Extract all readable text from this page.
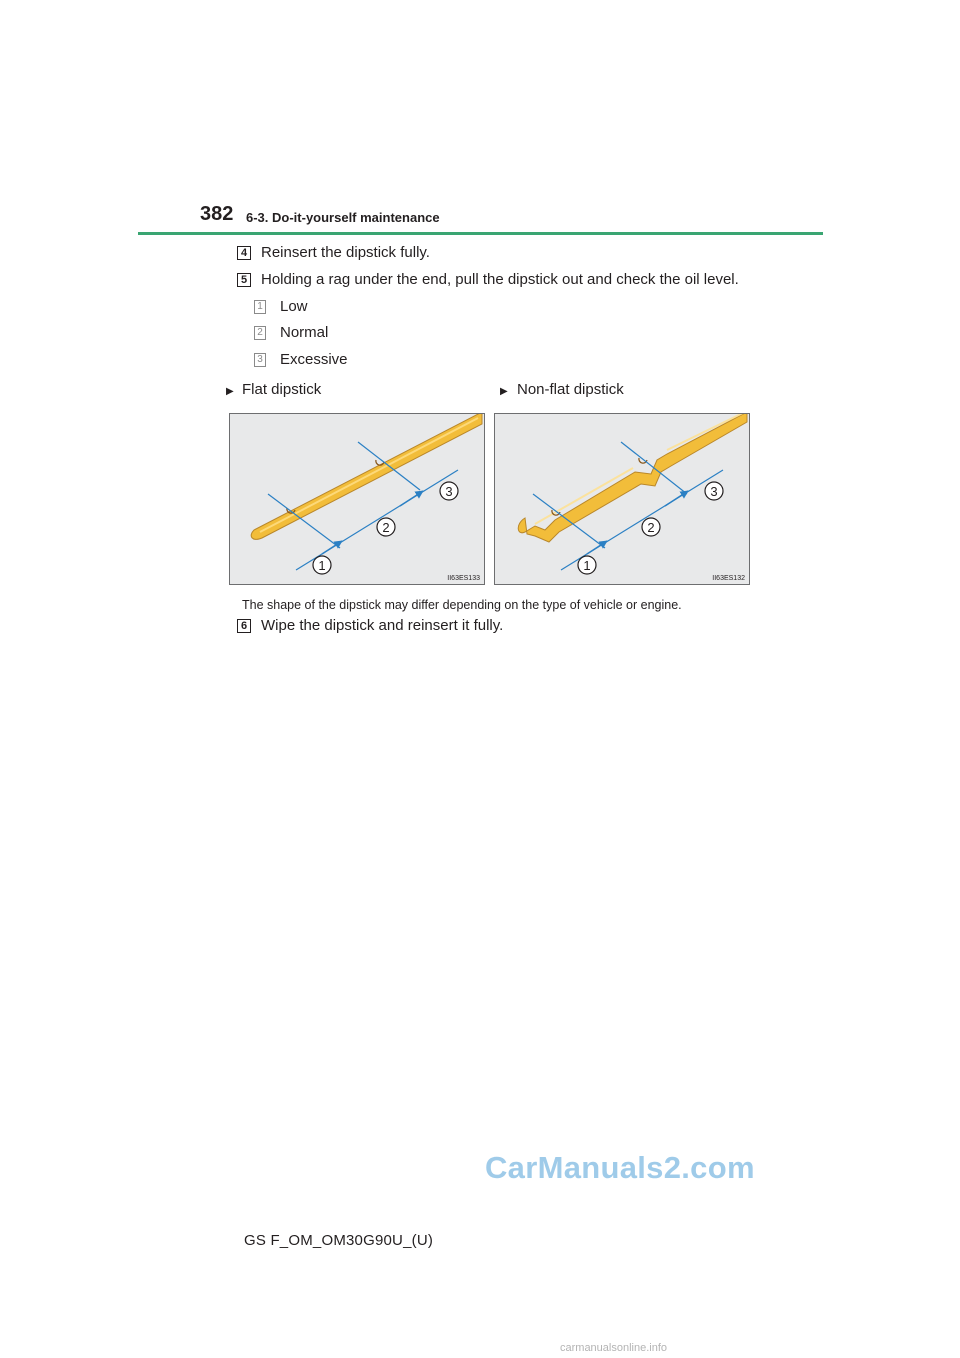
382 6-3. Do-it-yourself maintenance
4 Reinsert the dipstick fully.
5 Holding a rag under the end, pull the dipstick out and check the oil level.
1 Low
2 Normal
3 Excessive
▶ Flat dipstick	▶ Non-flat dipstick
1
2
3
II63ES133
1
2
3
II63ES132
The shape of the dipstick may differ depending on the type of vehicle or engine.
6 Wipe the dipstick and reinsert it fully.
CarManuals2.com
GS F_OM_OM30G90U_(U)
carmanualsonline.info
